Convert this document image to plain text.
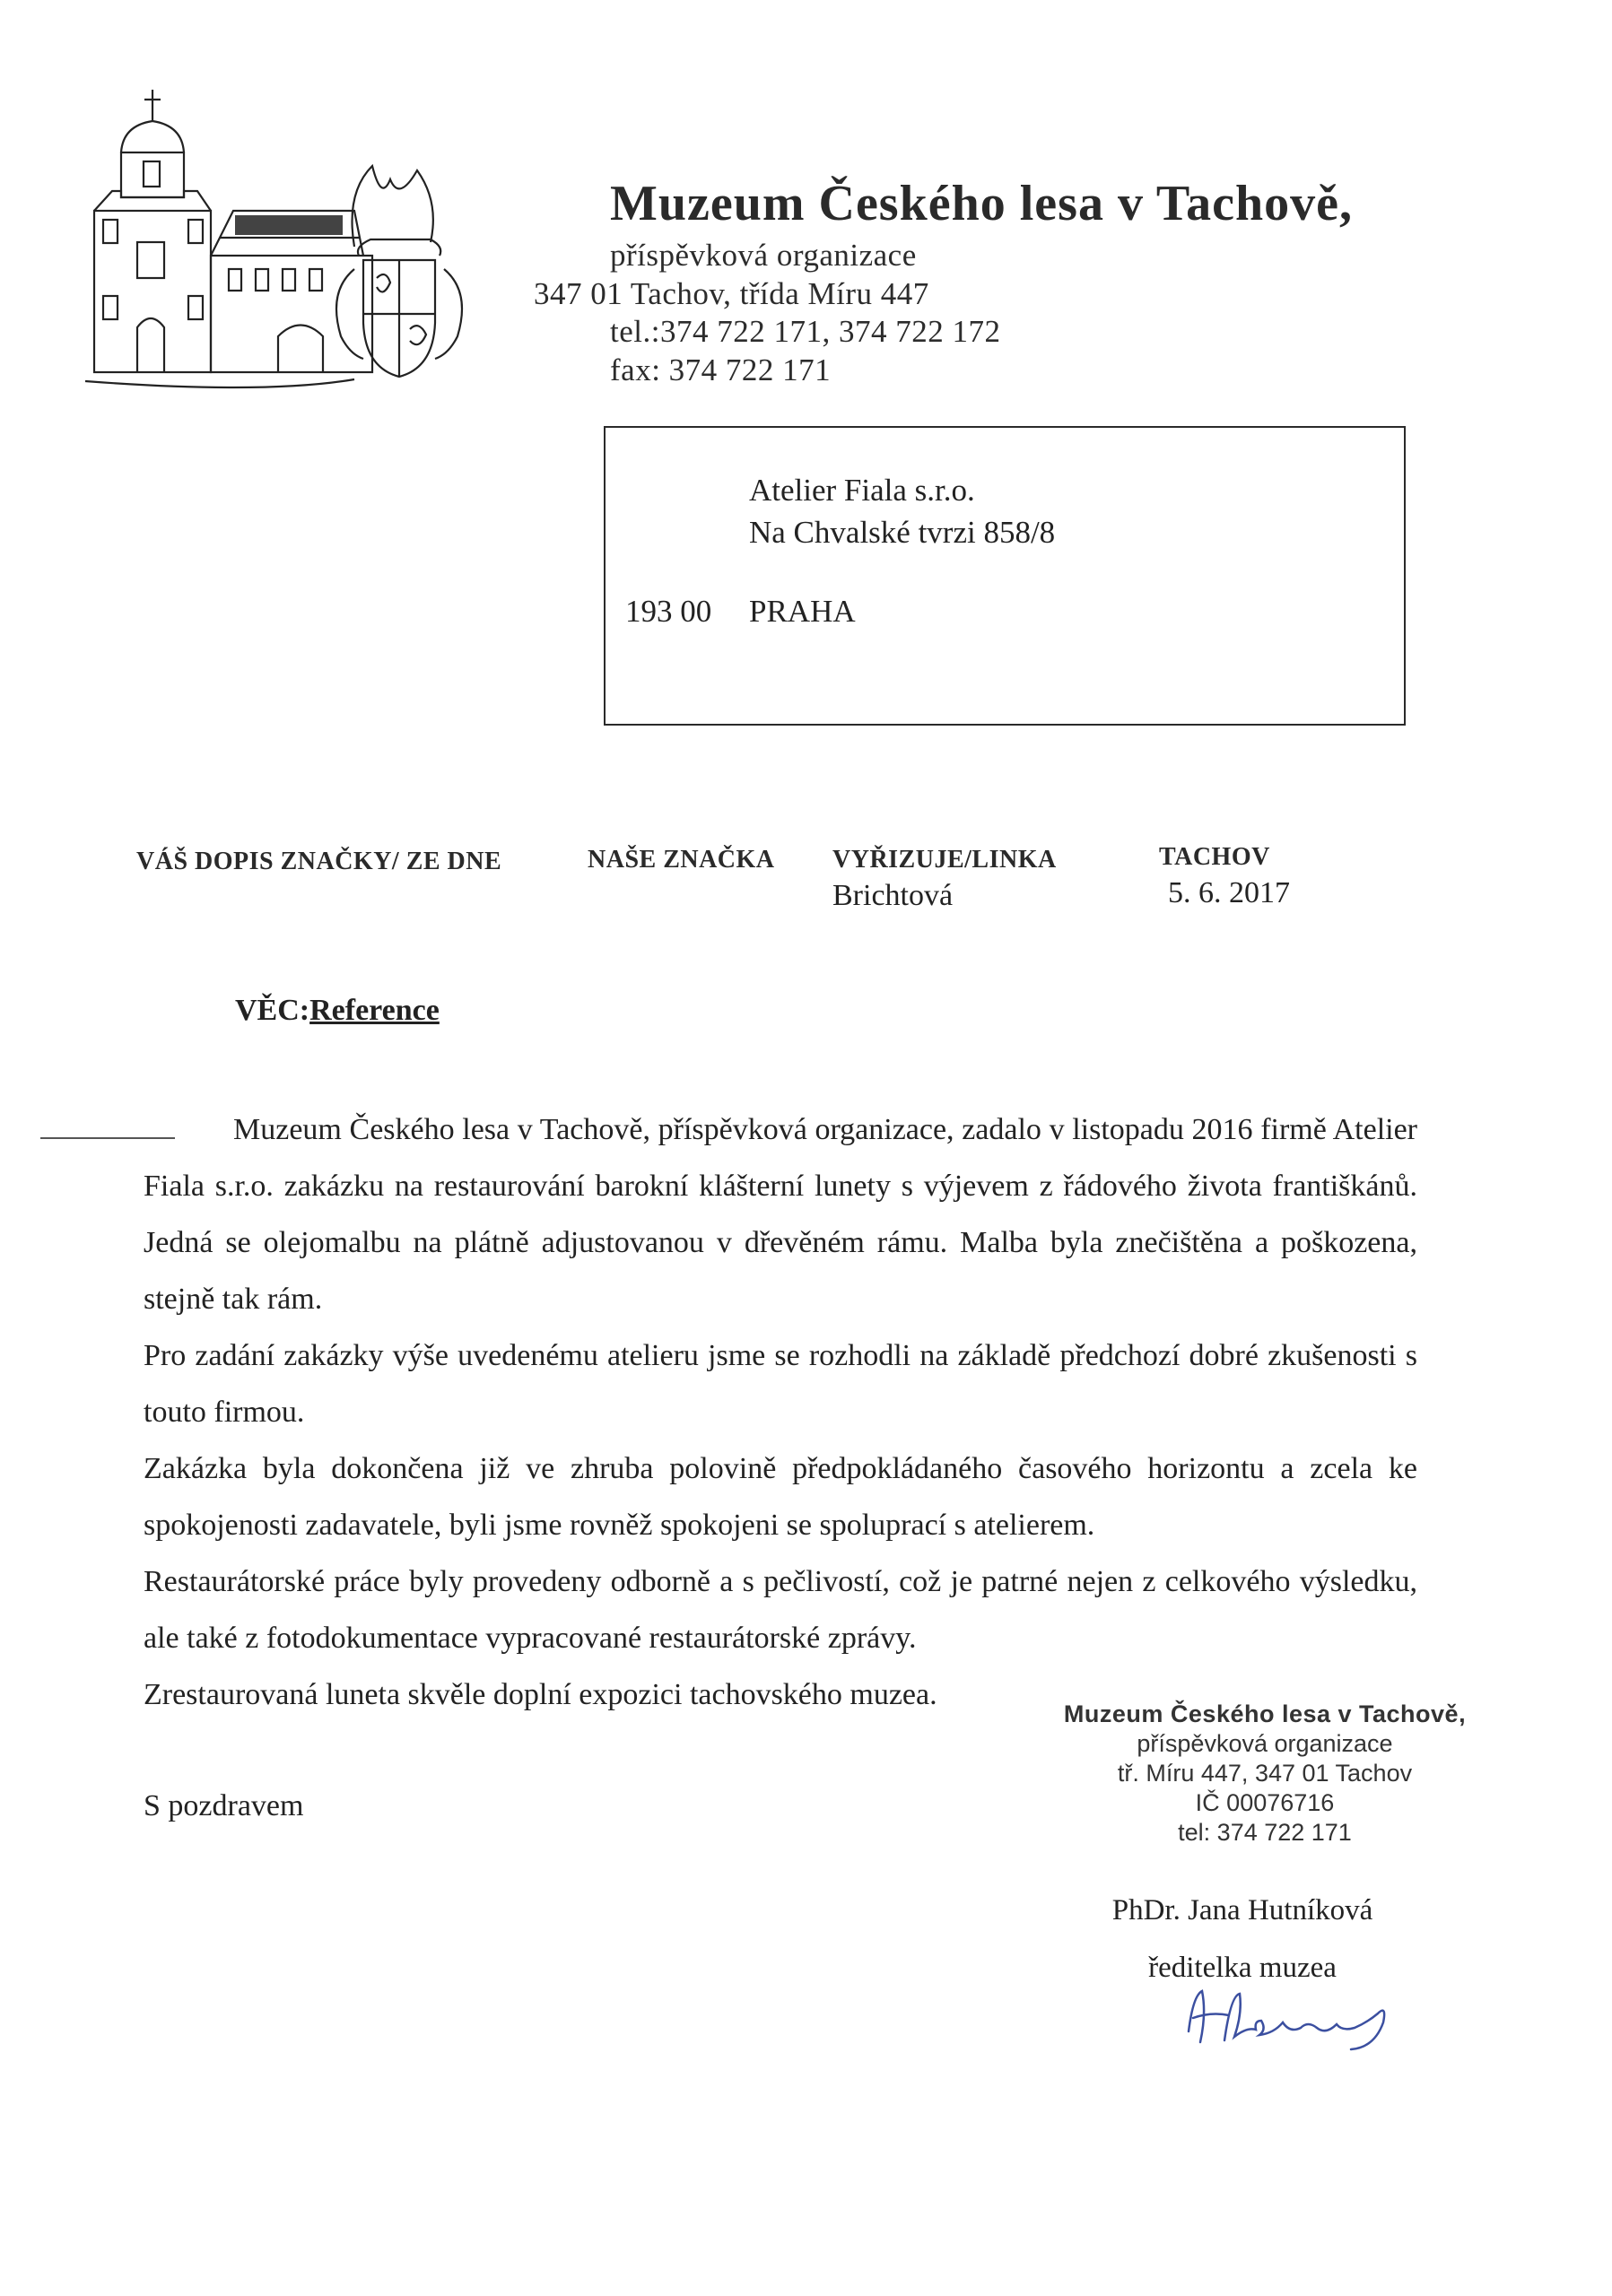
Muzeum Českého lesa v Tachově,
příspěvková organizace
347 01 Tachov, třída Míru 447
tel.:374 722 171, 374 722 172
fax: 374 722 171
Atelier Fiala s.r.o.
Na Chvalské tvrzi 858/8
193 00 PRAHA
VÁŠ DOPIS ZNAČKY/ ZE DNE	NAŠE ZNAČKA VYŘIZUJE/LINKA
Brichtová
TACHOV
5. 6. 2017
VĚC:Reference

Muzeum Českého lesa v Tachově, příspěvková organizace, zadalo v listopadu 2016 firmě Atelier Fiala s.r.o. zakázku na restaurování barokní klášterní lunety s výjevem z řádového života františkánů. Jedná se olejomalbu na plátně adjustovanou v dřevěném rámu. Malba byla znečištěna a poškozena, stejně tak rám.

Pro zadání zakázky výše uvedenému atelieru jsme se rozhodli na základě předchozí dobré zkušenosti s touto firmou.

Zakázka byla dokončena již ve zhruba polovině předpokládaného časového horizontu a zcela ke spokojenosti zadavatele, byli jsme rovněž spokojeni se spoluprací s atelierem.

Restaurátorské práce byly provedeny odborně a s pečlivostí, což je patrné nejen z celkového výsledku, ale také z fotodokumentace vypracované restaurátorské zprávy.

Zrestaurovaná luneta skvěle doplní expozici tachovského muzea.

S pozdravem
Muzeum Českého lesa v Tachově,
příspěvková organizace
tř. Míru 447, 347 01 Tachov
IČ 00076716
tel: 374 722 171
PhDr. Jana Hutníková
ředitelka muzea
